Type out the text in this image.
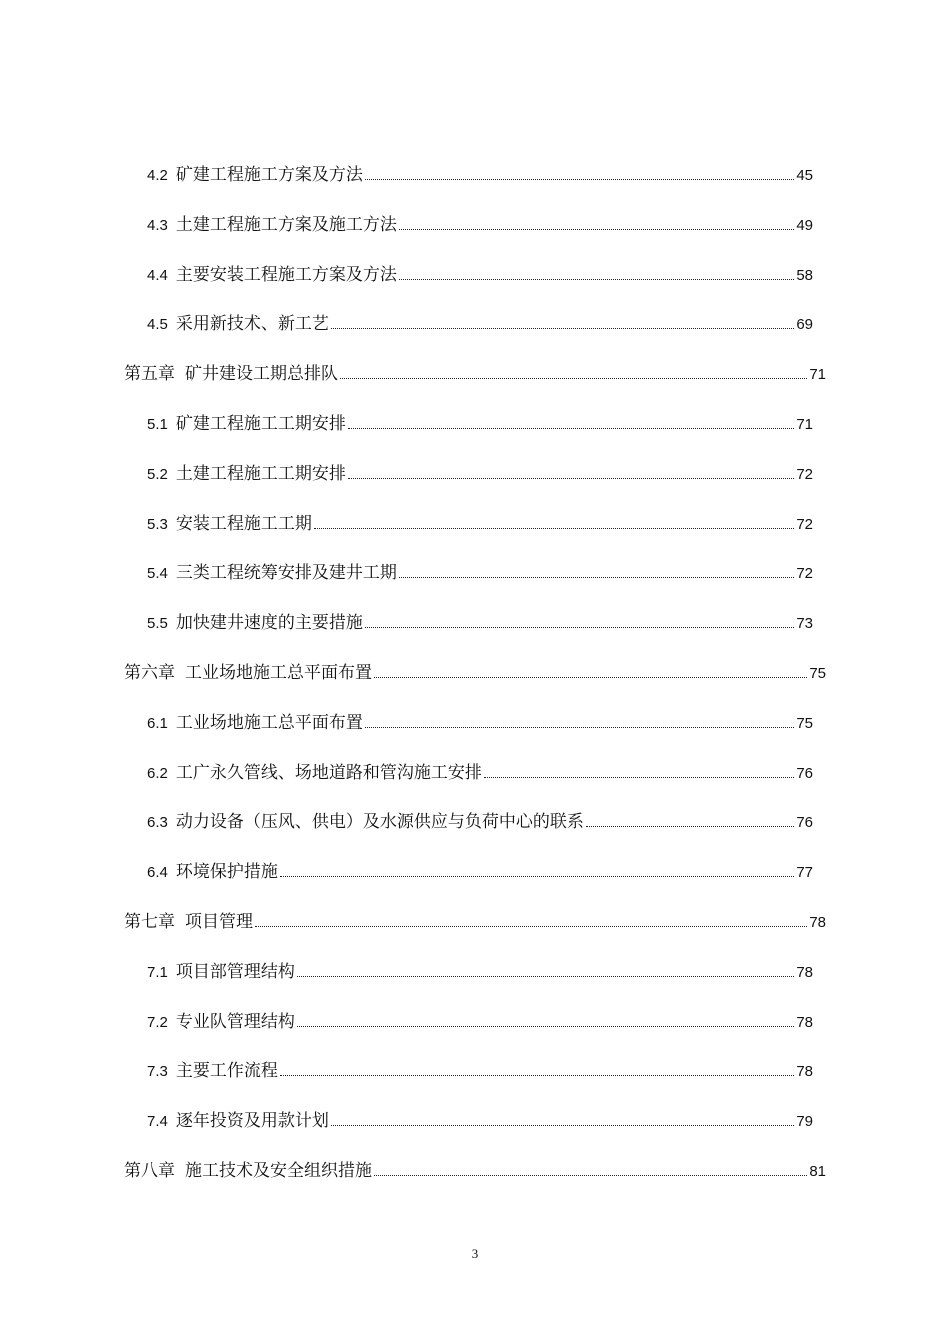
4.2 矿建工程施工方案及方法	45
4.3 土建工程施工方案及施工方法	49
4.4 主要安装工程施工方案及方法	58
4.5 采用新技术、新工艺	69
第五章 矿井建设工期总排队	71
5.1 矿建工程施工工期安排	71
5.2 土建工程施工工期安排	72
5.3 安装工程施工工期	72
5.4 三类工程统筹安排及建井工期	72
5.5 加快建井速度的主要措施	73
第六章 工业场地施工总平面布置	75
6.1 工业场地施工总平面布置	75
6.2 工广永久管线、场地道路和管沟施工安排	76
6.3 动力设备（压风、供电）及水源供应与负荷中心的联系	76
6.4 环境保护措施	77
第七章 项目管理	78
7.1 项目部管理结构	78
7.2 专业队管理结构	78
7.3 主要工作流程	78
7.4 逐年投资及用款计划	79
第八章 施工技术及安全组织措施	81
3
